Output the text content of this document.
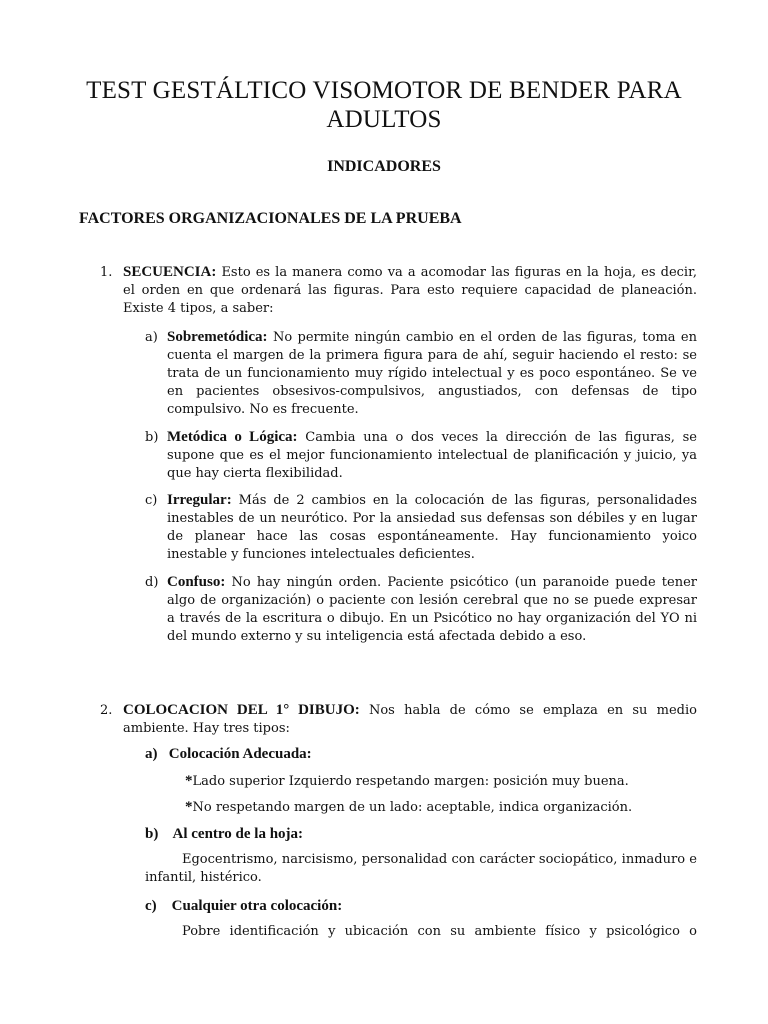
TEST GESTÁLTICO VISOMOTOR DE BENDER PARA
ADULTOS
INDICADORES
FACTORES ORGANIZACIONALES DE LA PRUEBA
1. SECUENCIA: Esto es la manera como va a acomodar las figuras en la hoja, es decir, el orden en que ordenará las figuras. Para esto requiere capacidad de planeación. Existe 4 tipos, a saber:
a) Sobremetódica: No permite ningún cambio en el orden de las figuras, toma en cuenta el margen de la primera figura para de ahí, seguir haciendo el resto: se trata de un funcionamiento muy rígido intelectual y es poco espontáneo. Se ve en pacientes obsesivos-compulsivos, angustiados, con defensas de tipo compulsivo. No es frecuente.
b) Metódica o Lógica: Cambia una o dos veces la dirección de las figuras, se supone que es el mejor funcionamiento intelectual de planificación y juicio, ya que hay cierta flexibilidad.
c) Irregular: Más de 2 cambios en la colocación de las figuras, personalidades inestables de un neurótico. Por la ansiedad sus defensas son débiles y en lugar de planear hace las cosas espontáneamente. Hay funcionamiento yoico inestable y funciones intelectuales deficientes.
d) Confuso: No hay ningún orden. Paciente psicótico (un paranoide puede tener algo de organización) o paciente con lesión cerebral que no se puede expresar a través de la escritura o dibujo. En un Psicótico no hay organización del YO ni del mundo externo y su inteligencia está afectada debido a eso.
2. COLOCACION DEL 1° DIBUJO: Nos habla de cómo se emplaza en su medio ambiente. Hay tres tipos:
a)   Colocación Adecuada:
*Lado superior Izquierdo respetando margen: posición muy buena.
*No respetando margen de un lado: aceptable, indica organización.
b)    Al centro de la hoja:
Egocentrismo, narcisismo, personalidad con carácter sociopático, inmaduro e infantil, histérico.
c)    Cualquier otra colocación:
Pobre identificación y ubicación con su ambiente físico y psicológico o
